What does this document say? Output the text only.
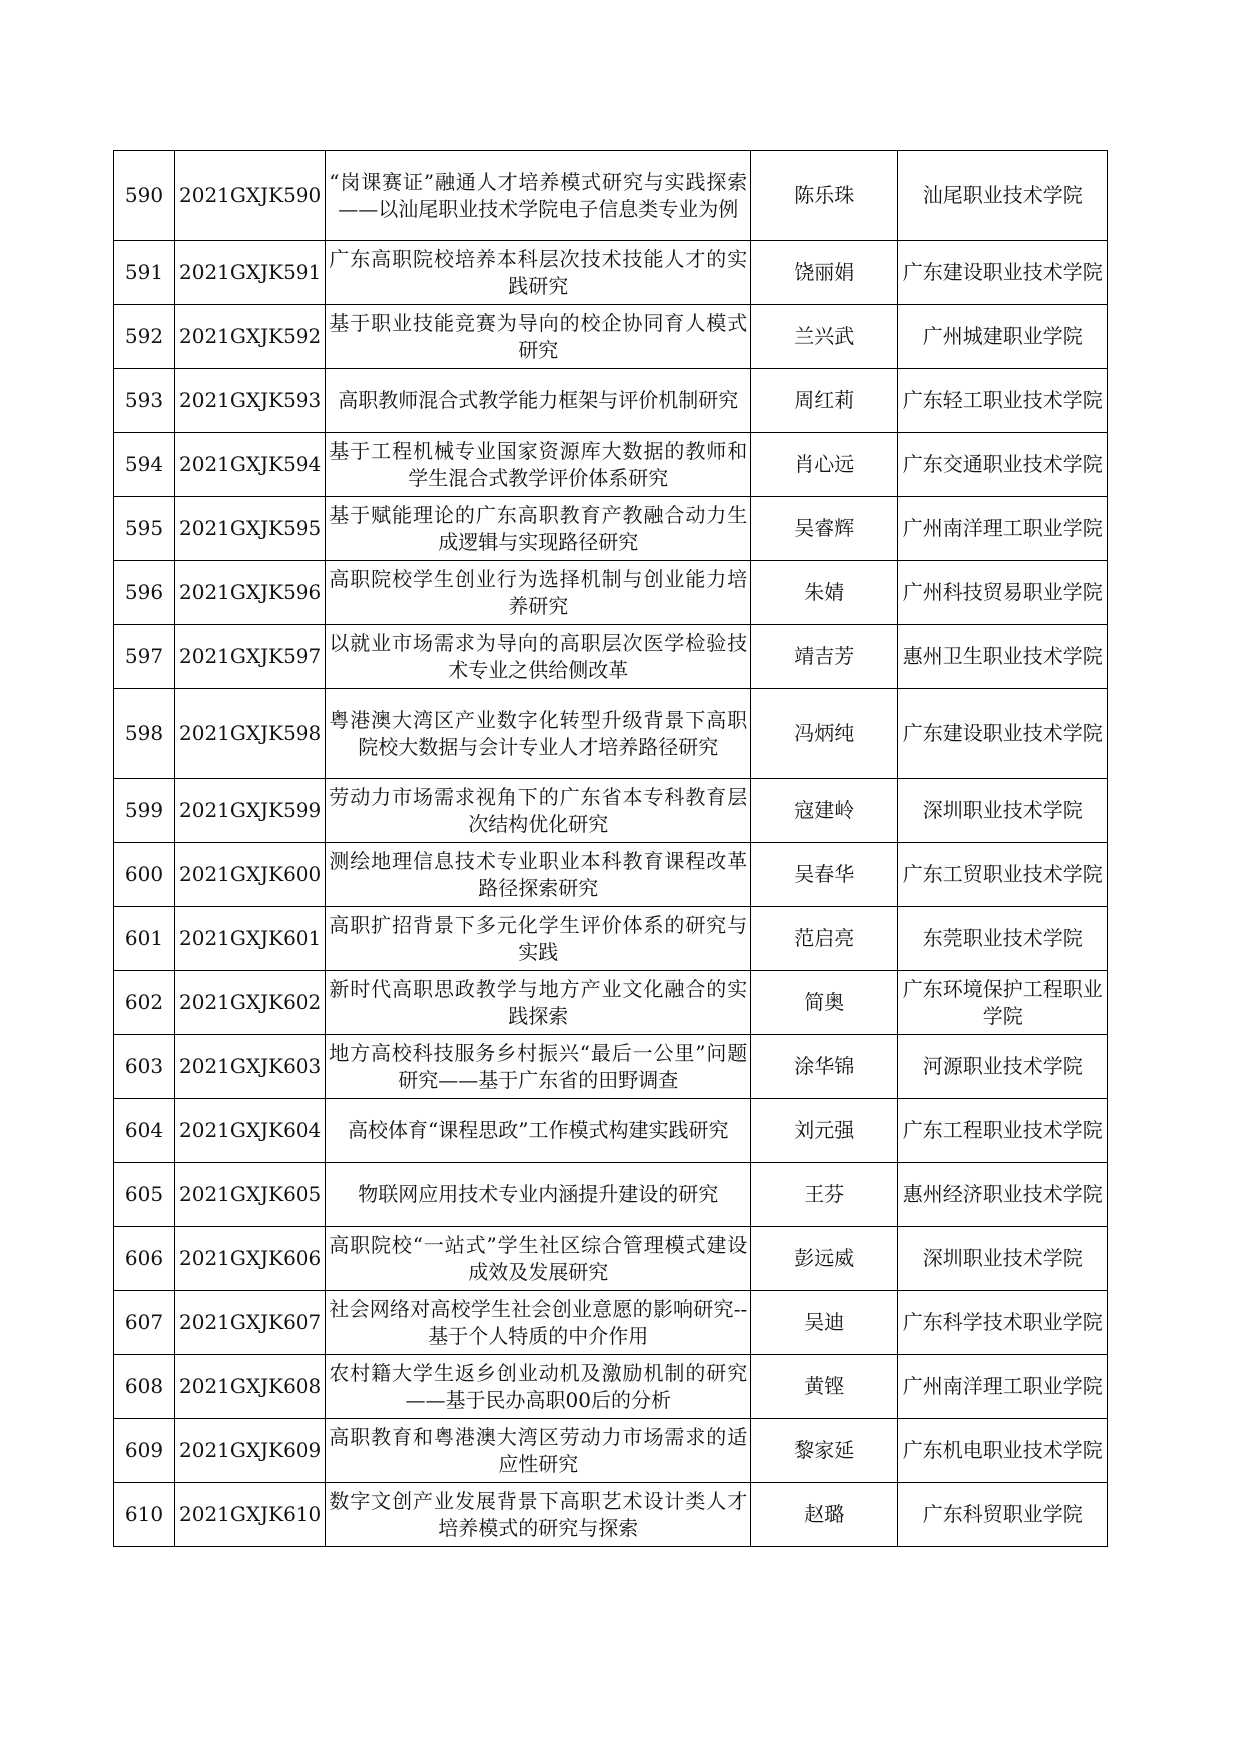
590	2021GXJK590	“岗课赛证”融通人才培养模式研究与实践探索——以汕尾职业技术学院电子信息类专业为例	陈乐珠	汕尾职业技术学院
591	2021GXJK591	广东高职院校培养本科层次技术技能人才的实践研究	饶丽娟	广东建设职业技术学院
592	2021GXJK592	基于职业技能竞赛为导向的校企协同育人模式研究	兰兴武	广州城建职业学院
593	2021GXJK593	高职教师混合式教学能力框架与评价机制研究	周红莉	广东轻工职业技术学院
594	2021GXJK594	基于工程机械专业国家资源库大数据的教师和学生混合式教学评价体系研究	肖心远	广东交通职业技术学院
595	2021GXJK595	基于赋能理论的广东高职教育产教融合动力生成逻辑与实现路径研究	吴睿辉	广州南洋理工职业学院
596	2021GXJK596	高职院校学生创业行为选择机制与创业能力培养研究	朱婧	广州科技贸易职业学院
597	2021GXJK597	以就业市场需求为导向的高职层次医学检验技术专业之供给侧改革	靖吉芳	惠州卫生职业技术学院
598	2021GXJK598	粤港澳大湾区产业数字化转型升级背景下高职院校大数据与会计专业人才培养路径研究	冯炳纯	广东建设职业技术学院
599	2021GXJK599	劳动力市场需求视角下的广东省本专科教育层次结构优化研究	寇建岭	深圳职业技术学院
600	2021GXJK600	测绘地理信息技术专业职业本科教育课程改革路径探索研究	吴春华	广东工贸职业技术学院
601	2021GXJK601	高职扩招背景下多元化学生评价体系的研究与实践	范启亮	东莞职业技术学院
602	2021GXJK602	新时代高职思政教学与地方产业文化融合的实践探索	简奥	广东环境保护工程职业学院
603	2021GXJK603	地方高校科技服务乡村振兴“最后一公里”问题研究——基于广东省的田野调查	涂华锦	河源职业技术学院
604	2021GXJK604	高校体育“课程思政”工作模式构建实践研究	刘元强	广东工程职业技术学院
605	2021GXJK605	物联网应用技术专业内涵提升建设的研究	王芬	惠州经济职业技术学院
606	2021GXJK606	高职院校“一站式”学生社区综合管理模式建设成效及发展研究	彭远威	深圳职业技术学院
607	2021GXJK607	社会网络对高校学生社会创业意愿的影响研究--基于个人特质的中介作用	吴迪	广东科学技术职业学院
608	2021GXJK608	农村籍大学生返乡创业动机及激励机制的研究——基于民办高职00后的分析	黄铿	广州南洋理工职业学院
609	2021GXJK609	高职教育和粤港澳大湾区劳动力市场需求的适应性研究	黎家延	广东机电职业技术学院
610	2021GXJK610	数字文创产业发展背景下高职艺术设计类人才培养模式的研究与探索	赵璐	广东科贸职业学院
